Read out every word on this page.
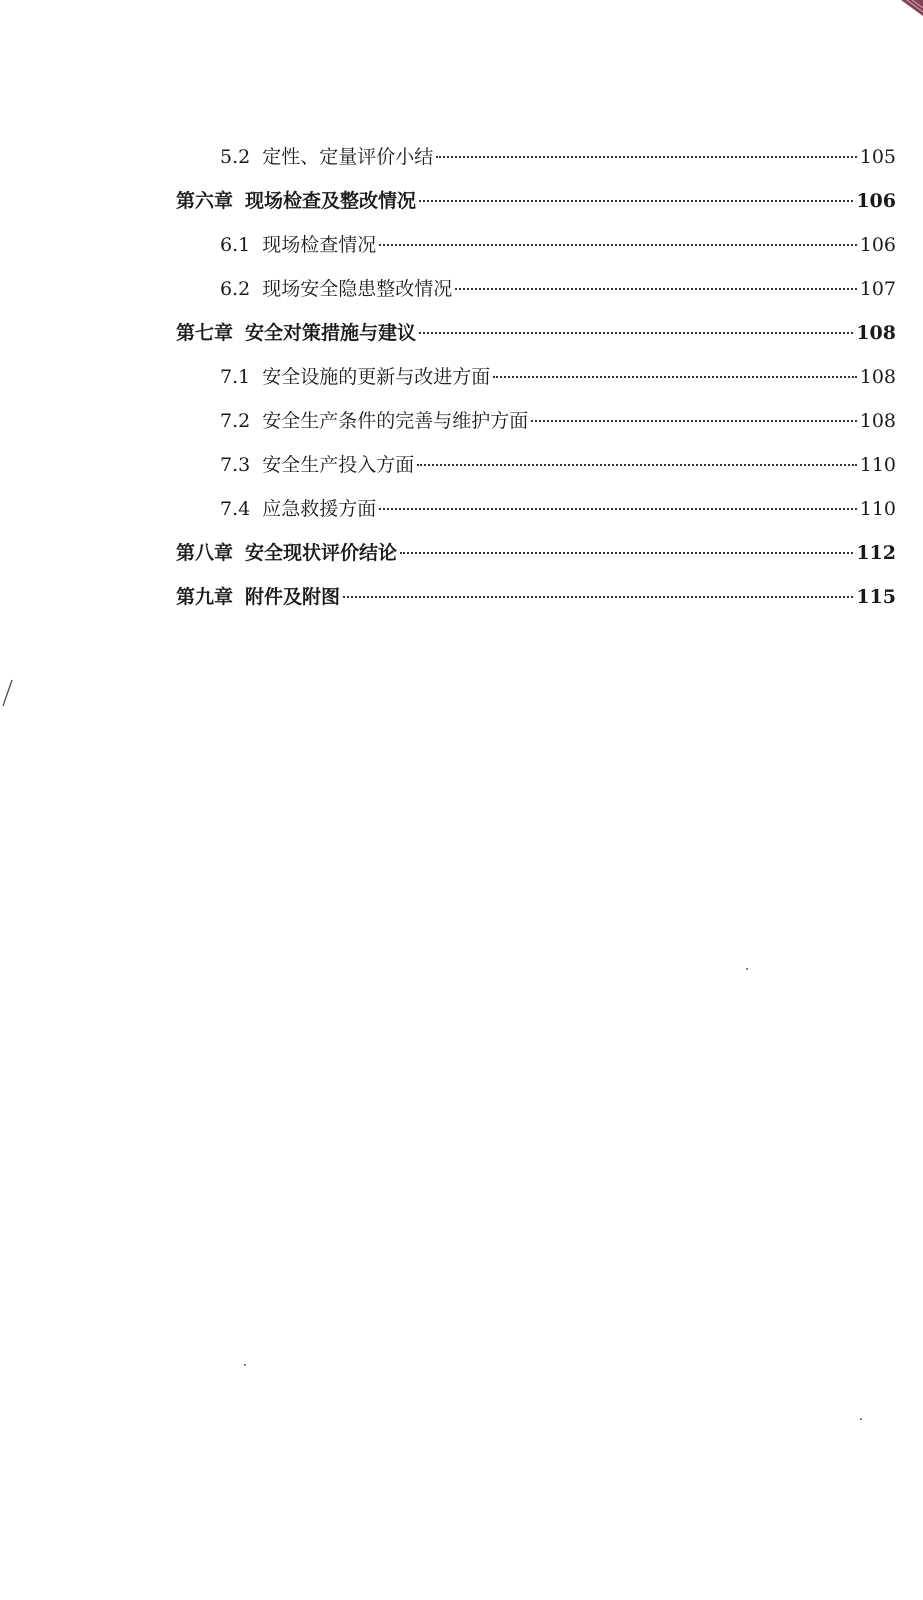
5.2 定性、定量评价小结	105
第六章 现场检查及整改情况	106
6.1 现场检查情况	106
6.2 现场安全隐患整改情况	107
第七章 安全对策措施与建议	108
7.1 安全设施的更新与改进方面	108
7.2 安全生产条件的完善与维护方面	108
7.3 安全生产投入方面	110
7.4 应急救援方面	110
第八章 安全现状评价结论	112
第九章 附件及附图	115
